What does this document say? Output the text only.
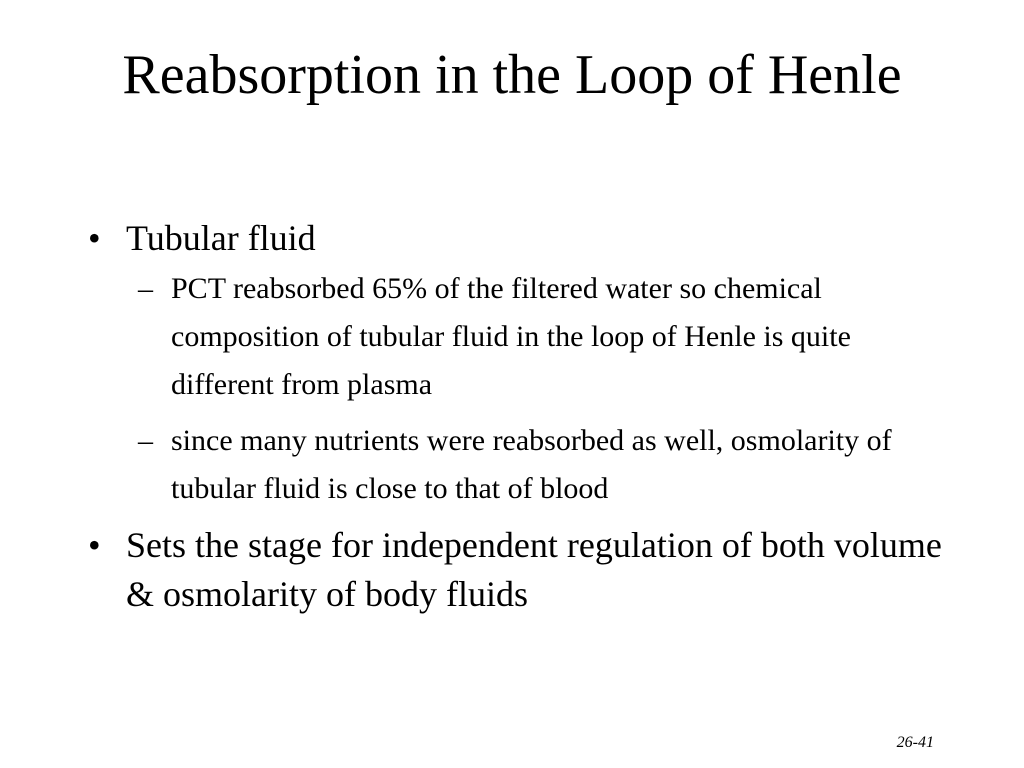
Reabsorption in the Loop of Henle
• Tubular fluid
– PCT reabsorbed 65% of the filtered water so chemical composition of tubular fluid in the loop of Henle is quite different from plasma
– since many nutrients were reabsorbed as well, osmolarity of tubular fluid is close to that of blood
• Sets the stage for independent regulation of both volume & osmolarity of body fluids
26-41
